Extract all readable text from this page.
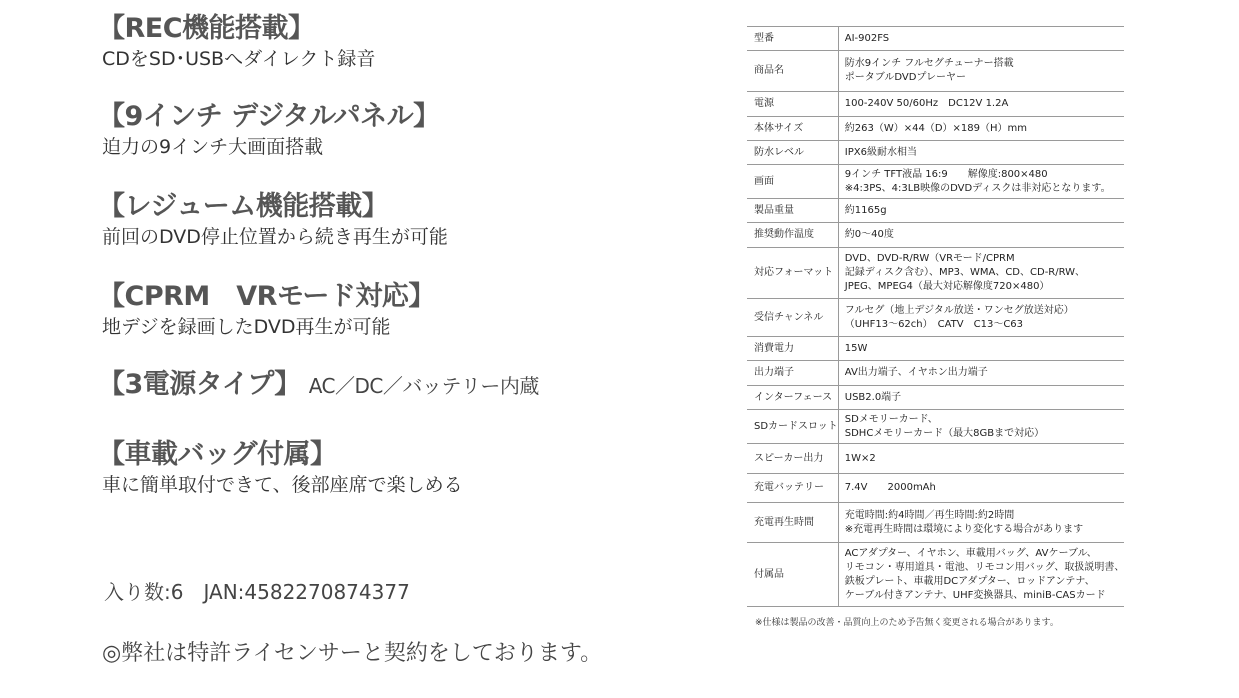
【REC機能搭載】
CDをSD･USBへダイレクト録音
【9インチ デジタルパネル】
迫力の9インチ大画面搭載
【レジューム機能搭載】
前回のDVD停止位置から続き再生が可能
【CPRM　VRモード対応】
地デジを録画したDVD再生が可能
【3電源タイプ】 AC／DC／バッテリー内蔵
【車載バッグ付属】
車に簡単取付できて、後部座席で楽しめる
入り数:6　JAN:4582270874377
◎弊社は特許ライセンサーと契約をしております。
型番	AI-902FS

商品名	防水9インチ フルセグチューナー搭載
ポータブルDVDプレーヤー

電源	100-240V 50/60Hz　DC12V 1.2A

本体サイズ	約263（W）×44（D）×189（H）mm

防水レベル	IPX6級耐水相当

画面	9インチ TFT液晶 16:9　　解像度:800×480
※4:3PS、4:3LB映像のDVDディスクは非対応となります。

製品重量	約1165g

推奨動作温度	約0～40度

対応フォーマット	DVD、DVD-R/RW（VRモード/CPRM
記録ディスク含む）、MP3、WMA、CD、CD-R/RW、
JPEG、MPEG4（最大対応解像度720×480）

受信チャンネル	フルセグ（地上デジタル放送・ワンセグ放送対応）
（UHF13～62ch）　CATV　C13～C63

消費電力	15W

出力端子	AV出力端子、イヤホン出力端子

インターフェース	USB2.0端子

SDカードスロット	SDメモリーカード、
SDHCメモリーカード（最大8GBまで対応）

スピーカー出力	1W×2

充電バッテリー	7.4V　　2000mAh

充電再生時間	充電時間:約4時間／再生時間:約2時間
※充電再生時間は環境により変化する場合があります

付属品	ACアダプター、イヤホン、車載用バッグ、AVケーブル、
リモコン・専用道具・電池、リモコン用バッグ、取扱説明書、
鉄板プレート、車載用DCアダプター、ロッドアンテナ、
ケーブル付きアンテナ、UHF変換器具、miniB-CASカード
※仕様は製品の改善・品質向上のため予告無く変更される場合があります。
